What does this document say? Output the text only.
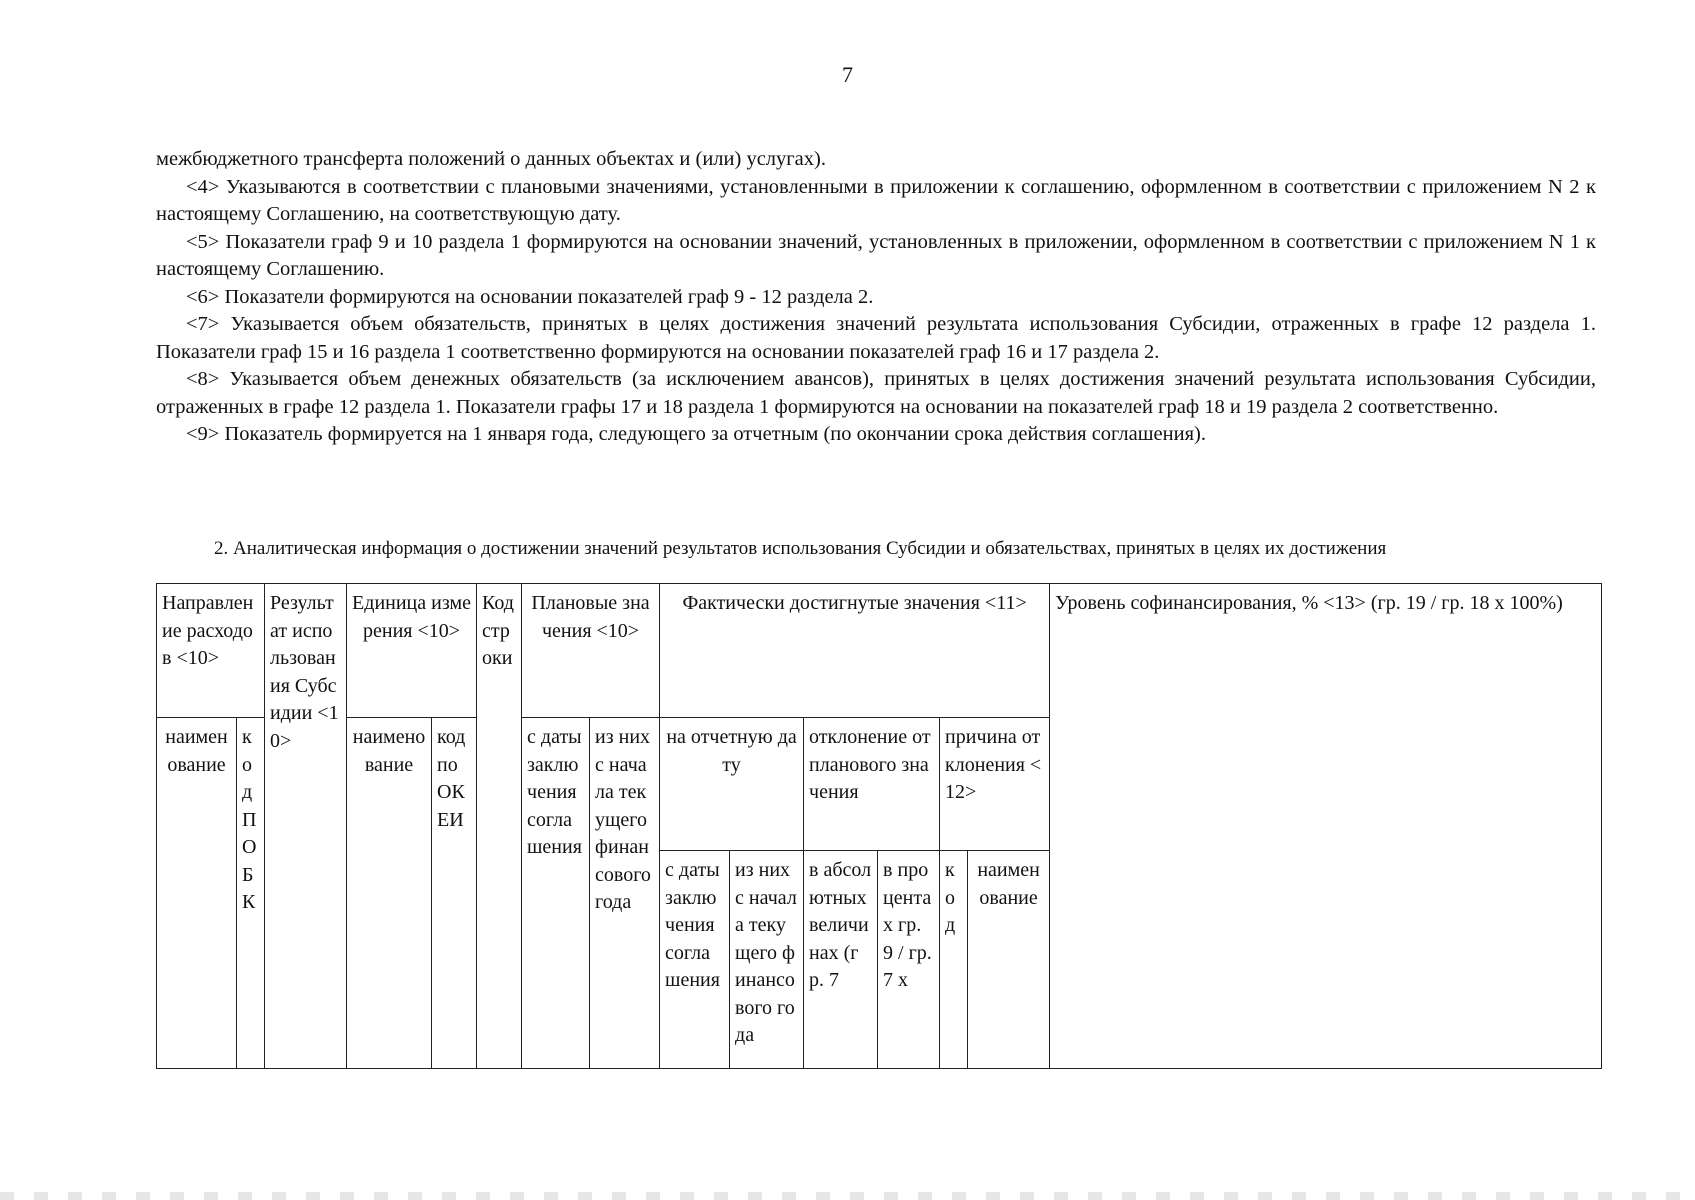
7

межбюджетного трансферта положений о данных объектах и (или) услугах).

<4> Указываются в соответствии с плановыми значениями, установленными в приложении к соглашению, оформленном в соответствии с приложением N 2 к настоящему Соглашению, на соответствующую дату.

<5> Показатели граф 9 и 10 раздела 1 формируются на основании значений, установленных в приложении, оформленном в соответствии с приложением N 1 к настоящему Соглашению.

<6> Показатели формируются на основании показателей граф 9 - 12 раздела 2.

<7> Указывается объем обязательств, принятых в целях достижения значений результата использования Субсидии, отраженных в графе 12 раздела 1. Показатели граф 15 и 16 раздела 1 соответственно формируются на основании показателей граф 16 и 17 раздела 2.

<8> Указывается объем денежных обязательств (за исключением авансов), принятых в целях достижения значений результата использования Субсидии, отраженных в графе 12 раздела 1. Показатели графы 17 и 18 раздела 1 формируются на основании на показателей граф 18 и 19 раздела 2 соответственно.

<9> Показатель формируется на 1 января года, следующего за отчетным (по окончании срока действия соглашения).

2. Аналитическая информация о достижении значений результатов использования Субсидии и обязательствах, принятых в целях их достижения
Направление расходов <10>		Результат использования Субсидии <10>	Единица измерения <10>		Код строки	Плановые значения <10>		Фактически достигнутые значения <11>						Уровень софинансирования, % <13> (гр. 19 / гр. 18 x 100%)
наименование	код ПОБК		наименование	код по ОКЕИ		с даты заключения соглашения	из них с начала текущего финансового года	на отчетную дату		отклонение от планового значения		причина отклонения <12>		
								с даты заключения соглашения	из них с начала текущего финансового года	в абсолютных величинах (гр. 7	в процентах гр. 9 / гр. 7 x	код	наименование	
